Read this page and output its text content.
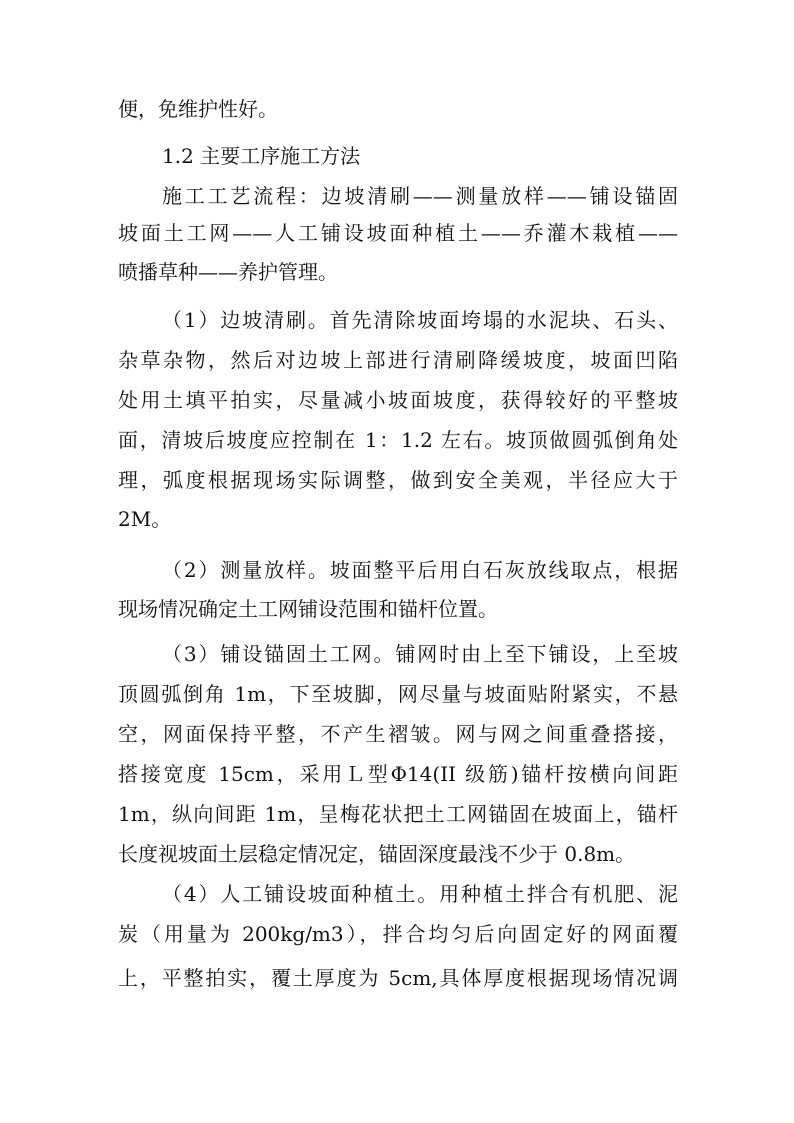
便，免维护性好。
1.2 主要工序施工方法
施工工艺流程：边坡清刷——测量放样——铺设锚固
坡面土工网——人工铺设坡面种植土——乔灌木栽植——
喷播草种——养护管理。
（1）边坡清刷。首先清除坡面垮塌的水泥块、石头、
杂草杂物，然后对边坡上部进行清刷降缓坡度，坡面凹陷
处用土填平拍实，尽量减小坡面坡度，获得较好的平整坡
面，清坡后坡度应控制在 1：1.2 左右。坡顶做圆弧倒角处
理，弧度根据现场实际调整，做到安全美观，半径应大于
2M。
（2）测量放样。坡面整平后用白石灰放线取点，根据
现场情况确定土工网铺设范围和锚杆位置。
（3）铺设锚固土工网。铺网时由上至下铺设，上至坡
顶圆弧倒角 1m，下至坡脚，网尽量与坡面贴附紧实，不悬
空，网面保持平整，不产生褶皱。网与网之间重叠搭接，
搭接宽度 15cm，采用Ｌ型Φ14(II 级筋)锚杆按横向间距
1m，纵向间距 1m，呈梅花状把土工网锚固在坡面上，锚杆
长度视坡面土层稳定情况定，锚固深度最浅不少于 0.8m。
（4）人工铺设坡面种植土。用种植土拌合有机肥、泥
炭（用量为 200kg/m3），拌合均匀后向固定好的网面覆
上，平整拍实，覆土厚度为 5cm,具体厚度根据现场情况调
